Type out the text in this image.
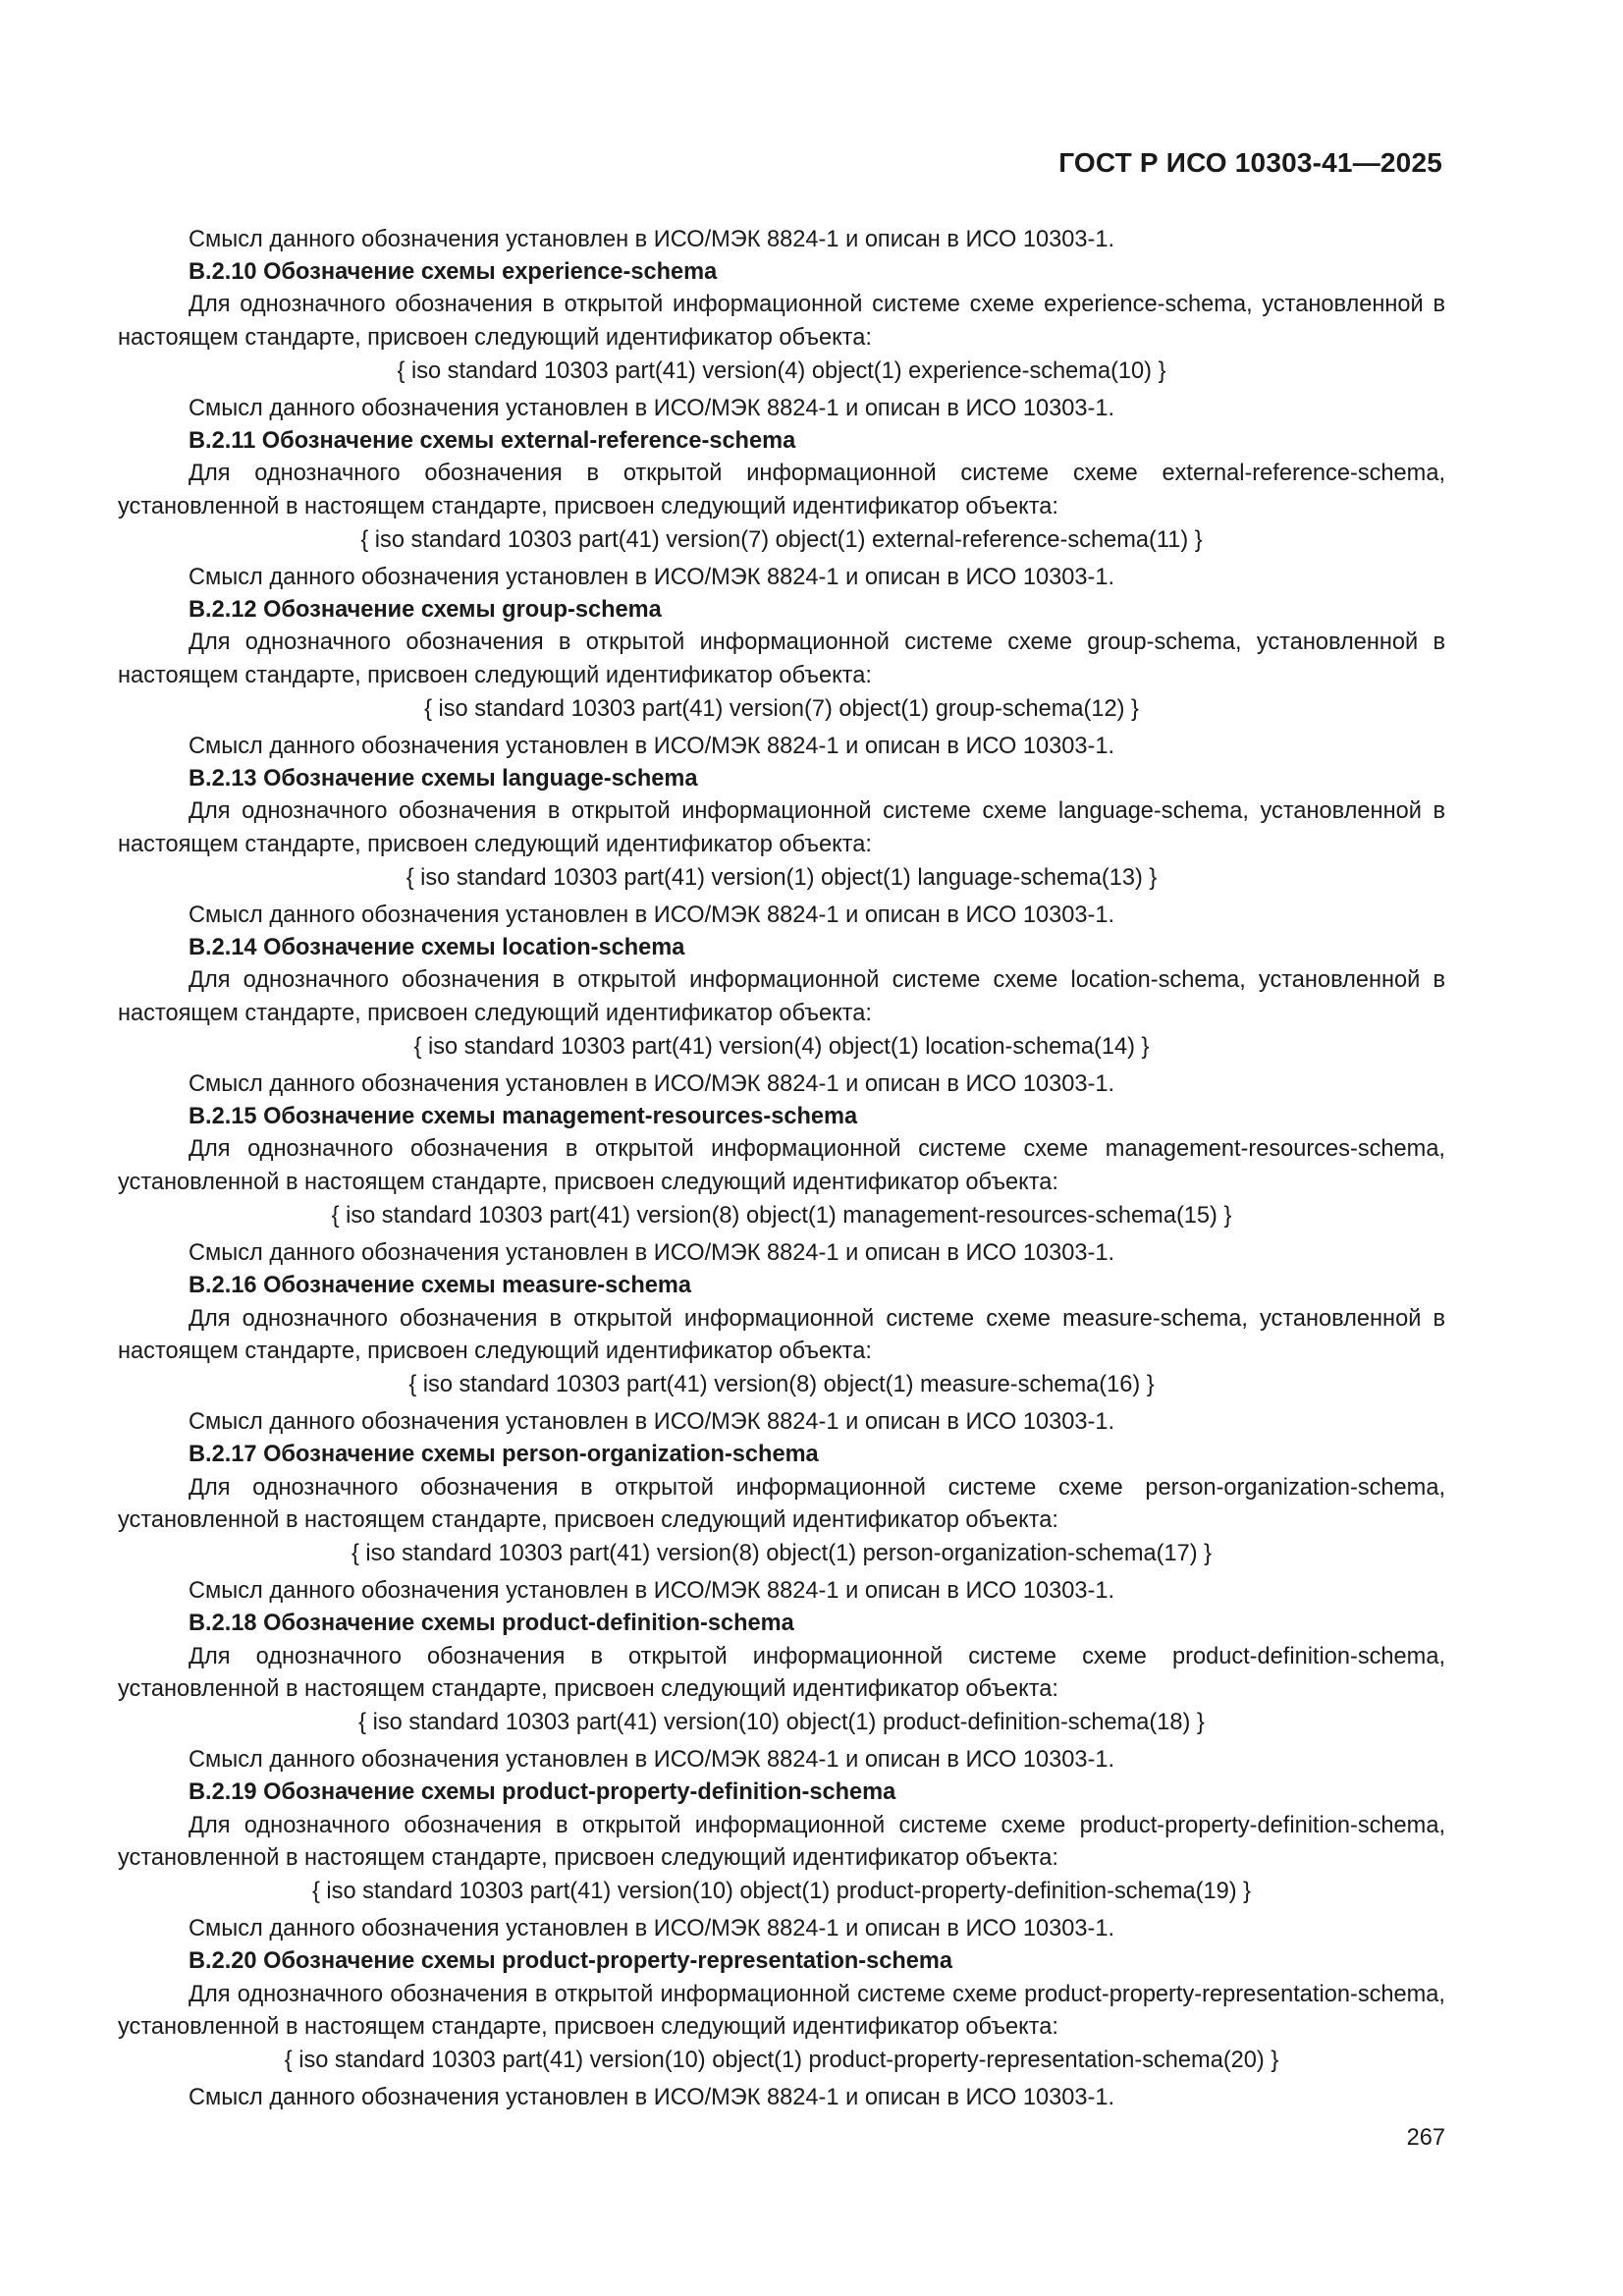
ГОСТ Р ИСО 10303-41—2025

Смысл данного обозначения установлен в ИСО/МЭК 8824-1 и описан в ИСО 10303-1.

B.2.10 Обозначение схемы experience-schema

Для однозначного обозначения в открытой информационной системе схеме experience-schema, установленной в настоящем стандарте, присвоен следующий идентификатор объекта:

{ iso standard 10303 part(41) version(4) object(1) experience-schema(10) }

Смысл данного обозначения установлен в ИСО/МЭК 8824-1 и описан в ИСО 10303-1.

B.2.11 Обозначение схемы external-reference-schema

Для однозначного обозначения в открытой информационной системе схеме external-reference-schema, установленной в настоящем стандарте, присвоен следующий идентификатор объекта:

{ iso standard 10303 part(41) version(7) object(1) external-reference-schema(11) }

Смысл данного обозначения установлен в ИСО/МЭК 8824-1 и описан в ИСО 10303-1.

B.2.12 Обозначение схемы group-schema

Для однозначного обозначения в открытой информационной системе схеме group-schema, установленной в настоящем стандарте, присвоен следующий идентификатор объекта:

{ iso standard 10303 part(41) version(7) object(1) group-schema(12) }

Смысл данного обозначения установлен в ИСО/МЭК 8824-1 и описан в ИСО 10303-1.

B.2.13 Обозначение схемы language-schema

Для однозначного обозначения в открытой информационной системе схеме language-schema, установленной в настоящем стандарте, присвоен следующий идентификатор объекта:

{ iso standard 10303 part(41) version(1) object(1) language-schema(13) }

Смысл данного обозначения установлен в ИСО/МЭК 8824-1 и описан в ИСО 10303-1.

B.2.14 Обозначение схемы location-schema

Для однозначного обозначения в открытой информационной системе схеме location-schema, установленной в настоящем стандарте, присвоен следующий идентификатор объекта:

{ iso standard 10303 part(41) version(4) object(1) location-schema(14) }

Смысл данного обозначения установлен в ИСО/МЭК 8824-1 и описан в ИСО 10303-1.

B.2.15 Обозначение схемы management-resources-schema

Для однозначного обозначения в открытой информационной системе схеме management-resources-schema, установленной в настоящем стандарте, присвоен следующий идентификатор объекта:

{ iso standard 10303 part(41) version(8) object(1) management-resources-schema(15) }

Смысл данного обозначения установлен в ИСО/МЭК 8824-1 и описан в ИСО 10303-1.

B.2.16 Обозначение схемы measure-schema

Для однозначного обозначения в открытой информационной системе схеме measure-schema, установленной в настоящем стандарте, присвоен следующий идентификатор объекта:

{ iso standard 10303 part(41) version(8) object(1) measure-schema(16) }

Смысл данного обозначения установлен в ИСО/МЭК 8824-1 и описан в ИСО 10303-1.

B.2.17 Обозначение схемы person-organization-schema

Для однозначного обозначения в открытой информационной системе схеме person-organization-schema, установленной в настоящем стандарте, присвоен следующий идентификатор объекта:

{ iso standard 10303 part(41) version(8) object(1) person-organization-schema(17) }

Смысл данного обозначения установлен в ИСО/МЭК 8824-1 и описан в ИСО 10303-1.

B.2.18 Обозначение схемы product-definition-schema

Для однозначного обозначения в открытой информационной системе схеме product-definition-schema, установленной в настоящем стандарте, присвоен следующий идентификатор объекта:

{ iso standard 10303 part(41) version(10) object(1) product-definition-schema(18) }

Смысл данного обозначения установлен в ИСО/МЭК 8824-1 и описан в ИСО 10303-1.

B.2.19 Обозначение схемы product-property-definition-schema

Для однозначного обозначения в открытой информационной системе схеме product-property-definition-schema, установленной в настоящем стандарте, присвоен следующий идентификатор объекта:

{ iso standard 10303 part(41) version(10) object(1) product-property-definition-schema(19) }

Смысл данного обозначения установлен в ИСО/МЭК 8824-1 и описан в ИСО 10303-1.

B.2.20 Обозначение схемы product-property-representation-schema

Для однозначного обозначения в открытой информационной системе схеме product-property-representation-schema, установленной в настоящем стандарте, присвоен следующий идентификатор объекта:

{ iso standard 10303 part(41) version(10) object(1) product-property-representation-schema(20) }

Смысл данного обозначения установлен в ИСО/МЭК 8824-1 и описан в ИСО 10303-1.

267
